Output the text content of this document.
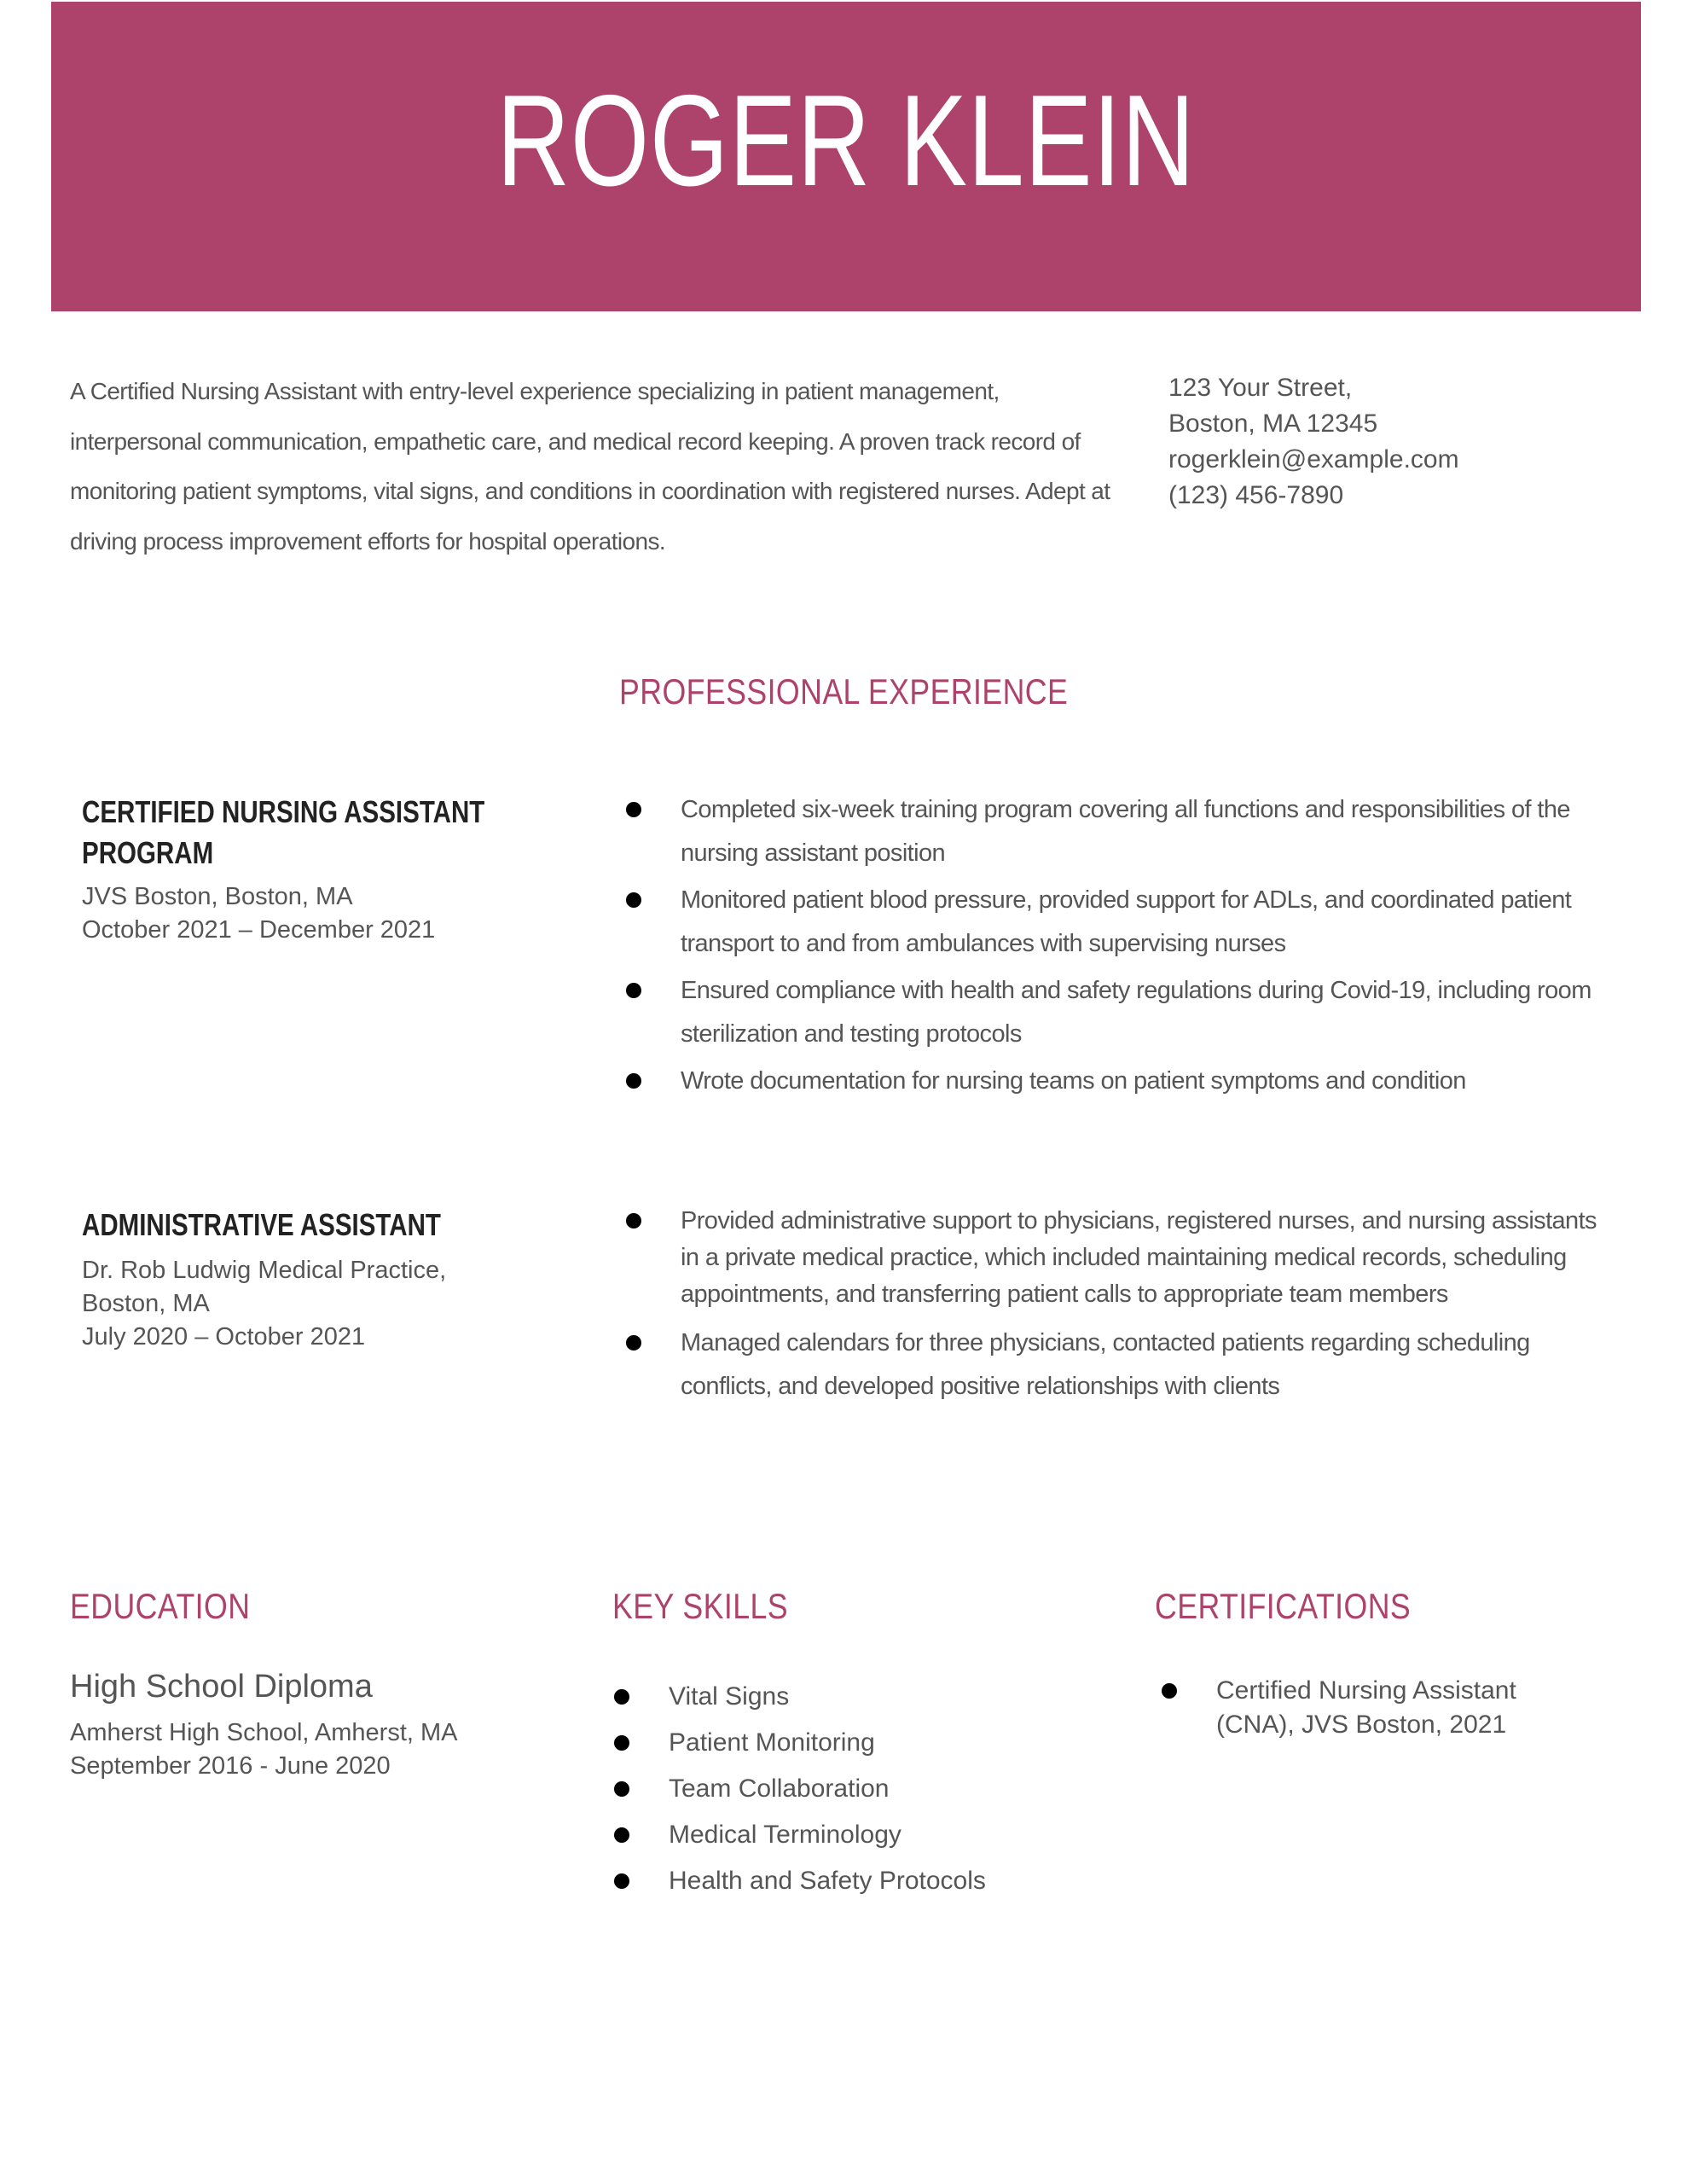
ROGER KLEIN

A Certified Nursing Assistant with entry-level experience specializing in patient management, interpersonal communication, empathetic care, and medical record keeping. A proven track record of monitoring patient symptoms, vital signs, and conditions in coordination with registered nurses. Adept at driving process improvement efforts for hospital operations.

123 Your Street,
Boston, MA 12345
rogerklein@example.com
(123) 456-7890
PROFESSIONAL EXPERIENCE
CERTIFIED NURSING ASSISTANT PROGRAM
JVS Boston, Boston, MA
October 2021 – December 2021
Completed six-week training program covering all functions and responsibilities of the nursing assistant position
Monitored patient blood pressure, provided support for ADLs, and coordinated patient transport to and from ambulances with supervising nurses
Ensured compliance with health and safety regulations during Covid-19, including room sterilization and testing protocols
Wrote documentation for nursing teams on patient symptoms and condition
ADMINISTRATIVE ASSISTANT
Dr. Rob Ludwig Medical Practice,
Boston, MA
July 2020 – October 2021
Provided administrative support to physicians, registered nurses, and nursing assistants in a private medical practice, which included maintaining medical records, scheduling appointments, and transferring patient calls to appropriate team members
Managed calendars for three physicians, contacted patients regarding scheduling conflicts, and developed positive relationships with clients
EDUCATION
High School Diploma
Amherst High School, Amherst, MA
September 2016 - June 2020
KEY SKILLS
Vital Signs
Patient Monitoring
Team Collaboration
Medical Terminology
Health and Safety Protocols
CERTIFICATIONS
Certified Nursing Assistant (CNA), JVS Boston, 2021
